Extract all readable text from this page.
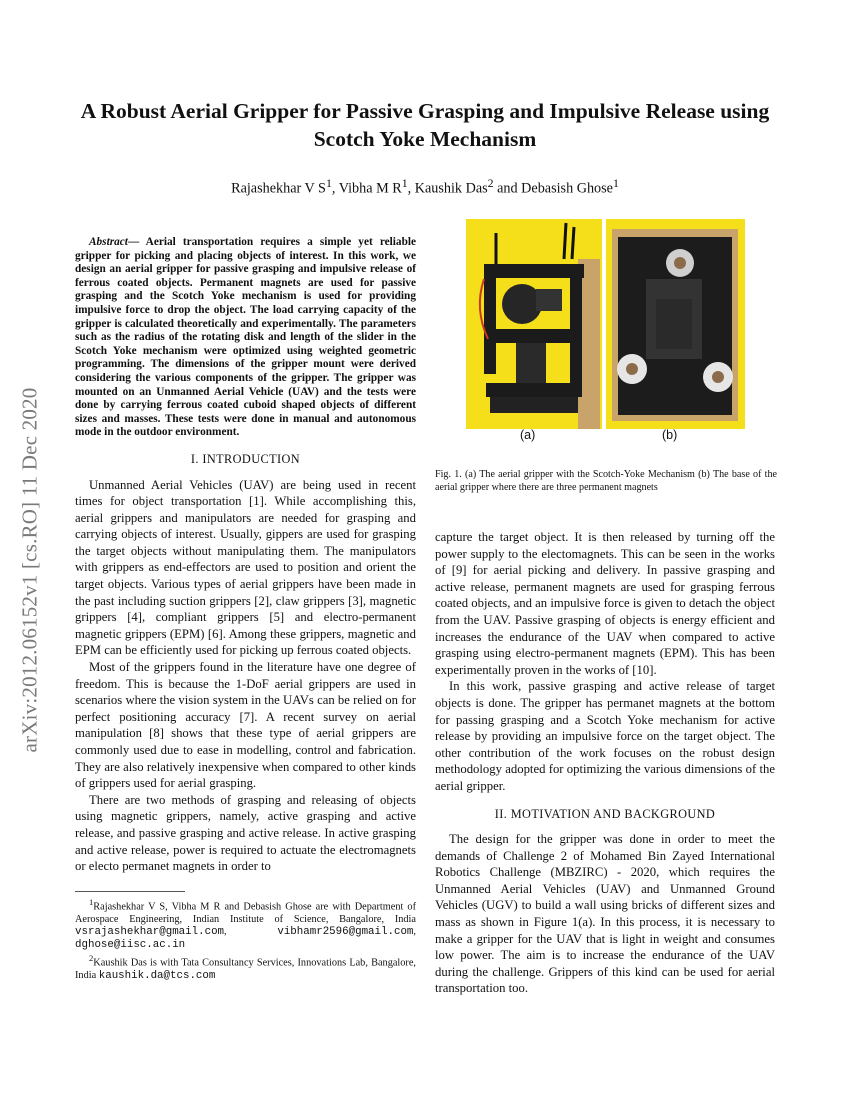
arXiv:2012.06152v1 [cs.RO] 11 Dec 2020
A Robust Aerial Gripper for Passive Grasping and Impulsive Release using Scotch Yoke Mechanism
Rajashekhar V $S^1$, Vibha M $R^1$, Kaushik Das$^2$ and Debasish Ghose$^1$

Abstract— Aerial transportation requires a simple yet reliable gripper for picking and placing objects of interest. In this work, we design an aerial gripper for passive grasping and impulsive release of ferrous coated objects. Permanent magnets are used for passive grasping and the Scotch Yoke mechanism is used for providing impulsive force to drop the object. The load carrying capacity of the gripper is calculated theoretically and experimentally. The parameters such as the radius of the rotating disk and length of the slider in the Scotch Yoke mechanism were optimized using weighted geometric programming. The dimensions of the gripper mount were derived considering the various components of the gripper. The gripper was mounted on an Unmanned Aerial Vehicle (UAV) and the tests were done by carrying ferrous coated cuboid shaped objects of different sizes and masses. These tests were done in manual and autonomous mode in the outdoor environment.

I. INTRODUCTION

Unmanned Aerial Vehicles (UAV) are being used in recent times for object transportation [1]. While accomplishing this, aerial grippers and manipulators are needed for grasping and carrying objects of interest. Usually, gippers are used for grasping the target objects without manipulating them. The manipulators with grippers as end-effectors are used to position and orient the target objects. Various types of aerial grippers have been made in the past including suction grippers [2], claw grippers [3], magnetic grippers [4], compliant grippers [5] and electro-permanent magnetic grippers (EPM) [6]. Among these grippers, magnetic and EPM can be efficiently used for picking up ferrous coated objects.

Most of the grippers found in the literature have one degree of freedom. This is because the 1-DoF aerial grippers are used in scenarios where the vision system in the UAVs can be relied on for perfect positioning accuracy [7]. A recent survey on aerial manipulation [8] shows that these type of aerial grippers are commonly used due to ease in modelling, control and fabrication. They are also relatively inexpensive when compared to other kinds of grippers used for aerial grasping.

There are two methods of grasping and releasing of objects using magnetic grippers, namely, active grasping and active release, and passive grasping and active release. In active grasping and active release, power is required to actuate the electromagnets or electo permanet magnets in order to

$^1$Rajashekhar V S, Vibha M R and Debasish Ghose are with Department of Aerospace Engineering, Indian Institute of Science, Bangalore, India vsrajashekhar@gmail.com, vibhamr2596@gmail.com, dghose@iisc.ac.in

$^2$Kaushik Das is with Tata Consultancy Services, Innovations Lab, Bangalore, India kaushik.da@tcs.com

(a)	(b)

Fig. 1. (a) The aerial gripper with the Scotch-Yoke Mechanism (b) The base of the aerial gripper where there are three permanent magnets

capture the target object. It is then released by turning off the power supply to the electomagnets. This can be seen in the works of [9] for aerial picking and delivery. In passive grasping and active release, permanent magnets are used for grasping ferrous coated objects, and an impulsive force is given to detach the object from the UAV. Passive grasping of objects is energy efficient and increases the endurance of the UAV when compared to active grasping using electro-permanent magnets (EPM). This has been experimentally proven in the works of [10].

In this work, passive grasping and active release of target objects is done. The gripper has permanet magnets at the bottom for passing grasping and a Scotch Yoke mechanism for active release by providing an impulsive force on the target object. The other contribution of the work focuses on the robust design methodology adopted for optimizing the various dimensions of the aerial gripper.

II. MOTIVATION AND BACKGROUND

The design for the gripper was done in order to meet the demands of Challenge 2 of Mohamed Bin Zayed International Robotics Challenge (MBZIRC) - 2020, which requires the Unmanned Aerial Vehicles (UAV) and Unmanned Ground Vehicles (UGV) to build a wall using bricks of different sizes and mass as shown in Figure 1(a). In this process, it is necessary to make a gripper for the UAV that is light in weight and consumes low power. The aim is to increase the endurance of the UAV during the challenge. Grippers of this kind can be used for aerial transportation too.
